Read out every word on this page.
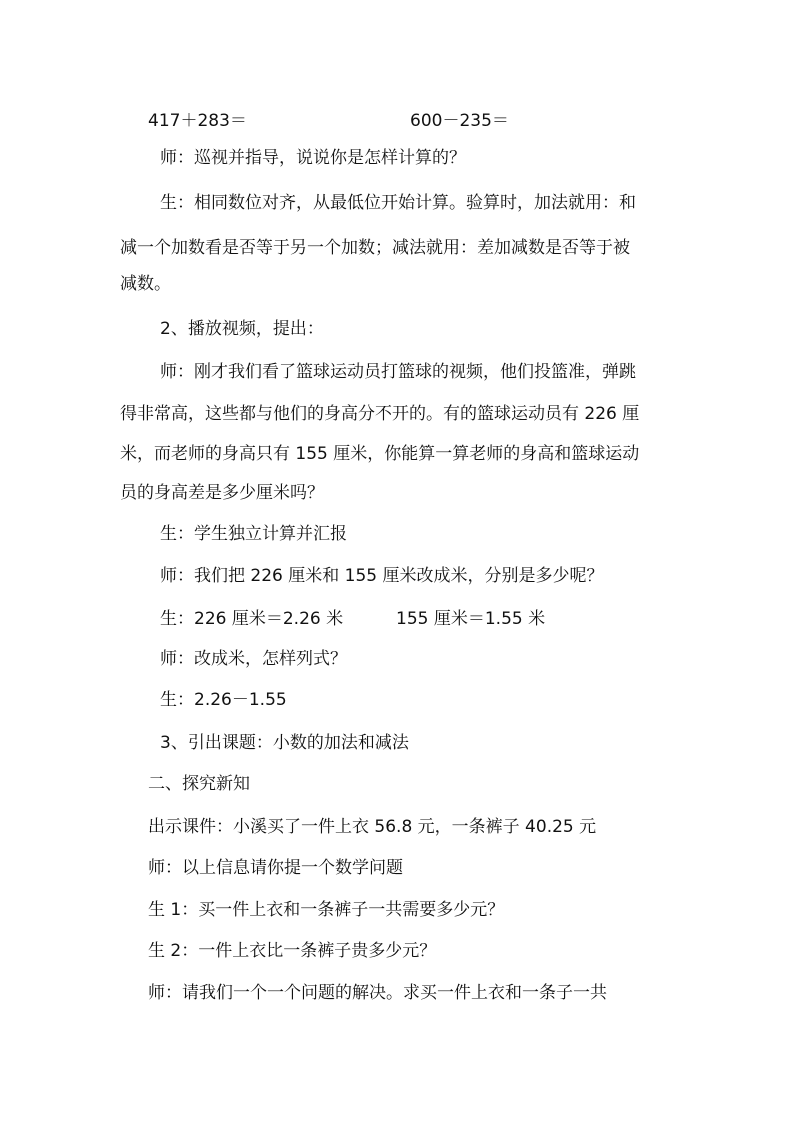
417＋283＝	600－235＝
师：巡视并指导，说说你是怎样计算的？
生：相同数位对齐，从最低位开始计算。验算时，加法就用：和
减一个加数看是否等于另一个加数；减法就用：差加减数是否等于被
减数。
2、播放视频，提出：
师：刚才我们看了篮球运动员打篮球的视频，他们投篮准，弹跳
得非常高，这些都与他们的身高分不开的。有的篮球运动员有 226 厘
米，而老师的身高只有 155 厘米，你能算一算老师的身高和篮球运动
员的身高差是多少厘米吗？
生：学生独立计算并汇报
师：我们把 226 厘米和 155 厘米改成米，分别是多少呢？
生：226 厘米＝2.26 米	155 厘米＝1.55 米
师：改成米，怎样列式？
生：2.26－1.55
3、引出课题：小数的加法和减法
二、探究新知
出示课件：小溪买了一件上衣 56.8 元，一条裤子 40.25 元
师：以上信息请你提一个数学问题
生 1：买一件上衣和一条裤子一共需要多少元？
生 2：一件上衣比一条裤子贵多少元？
师：请我们一个一个问题的解决。求买一件上衣和一条子一共
